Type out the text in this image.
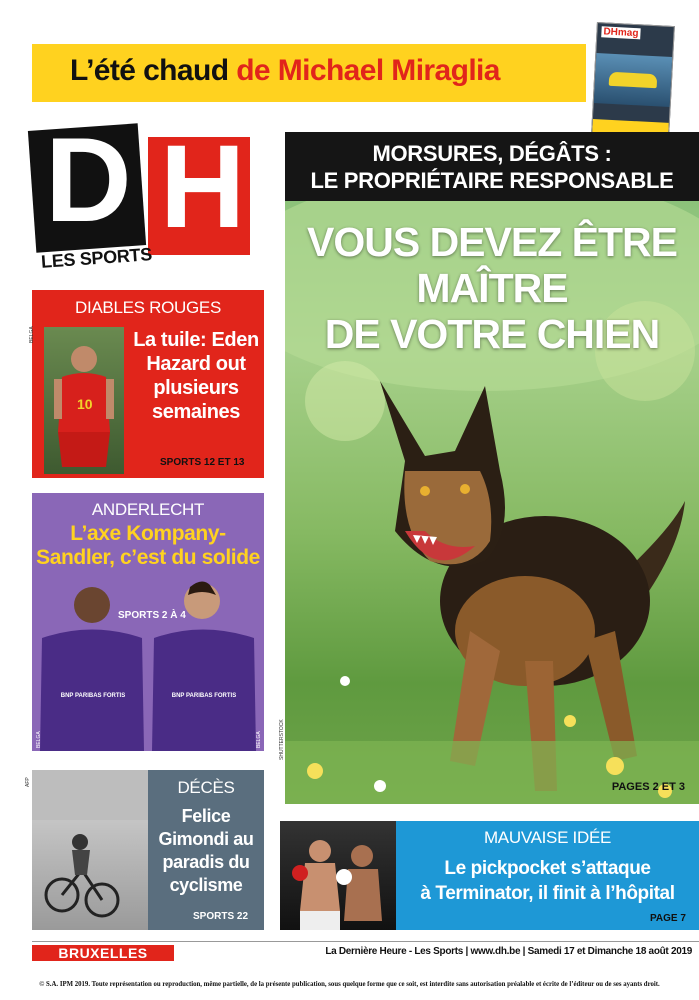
L’été chaud de Michael Miraglia
DHmag
D H
LES SPORTS
MORSURES, DÉGÂTS :
LE PROPRIÉTAIRE RESPONSABLE
VOUS DEVEZ ÊTRE
MAÎTRE
DE VOTRE CHIEN
PAGES 2 ET 3
SHUTTERSTOCK
DIABLES ROUGES
10
La tuile: Eden Hazard out plusieurs semaines
SPORTS 12 ET 13
BELGA
BNP PARIBAS FORTIS	BNP PARIBAS FORTIS
ANDERLECHT
L’axe Kompany-Sandler, c’est du solide
SPORTS 2 À 4
BELGA	BELGA
DÉCÈS
Felice Gimondi au paradis du cyclisme
SPORTS 22
AFP
MAUVAISE IDÉE
Le pickpocket s’attaque
à Terminator, il finit à l’hôpital
PAGE 7
BRUXELLES	La Dernière Heure - Les Sports | www.dh.be | Samedi 17 et Dimanche 18 août 2019
© S.A. IPM 2019. Toute représentation ou reproduction, même partielle, de la présente publication, sous quelque forme que ce soit, est interdite sans autorisation préalable et écrite de l’éditeur ou de ses ayants droit.
